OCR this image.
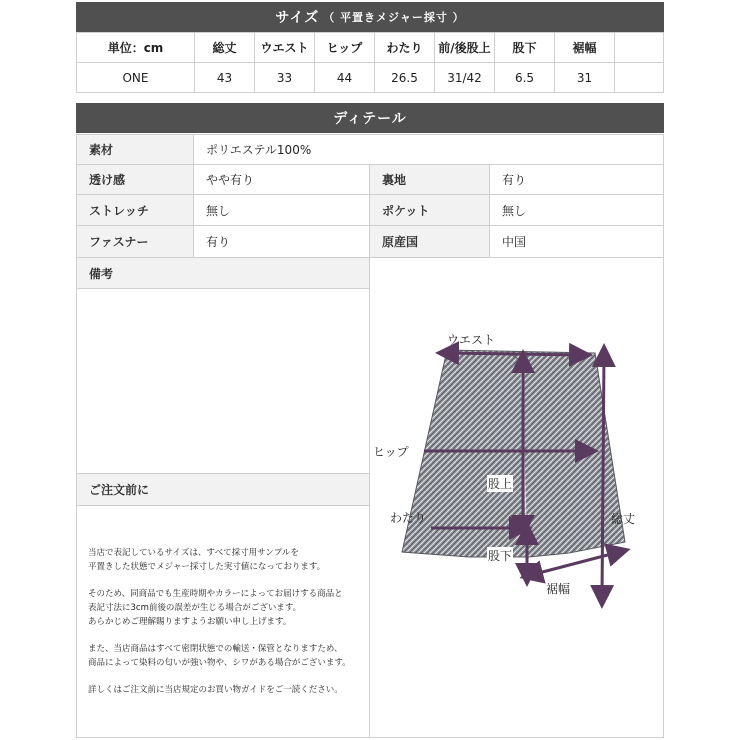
サイズ （ 平置きメジャー採寸 ）
単位：cm	総丈	ウエスト	ヒップ	わたり	前/後股上	股下	裾幅	
ONE	43	33	44	26.5	31/42	6.5	31	
ディテール
素材	ポリエステル100%
透け感	やや有り	裏地	有り
ストレッチ	無し	ポケット	無し
ファスナー	有り	原産国	中国
備考
ご注文前に

当店で表記しているサイズは、すべて採寸用サンプルを
平置きした状態でメジャー採寸した実寸値になっております。

そのため、同商品でも生産時期やカラーによってお届けする商品と
表記寸法に3cm前後の誤差が生じる場合がございます。
あらかじめご理解賜りますようお願い申し上げます。

また、当店商品はすべて密閉状態での輸送・保管となりますため、
商品によって染料の匂いが強い物や、シワがある場合がございます。

詳しくはご注文前に当店規定のお買い物ガイドをご一読ください。

ウエスト
ヒップ
股上
わたり
股下
総丈
裾幅
